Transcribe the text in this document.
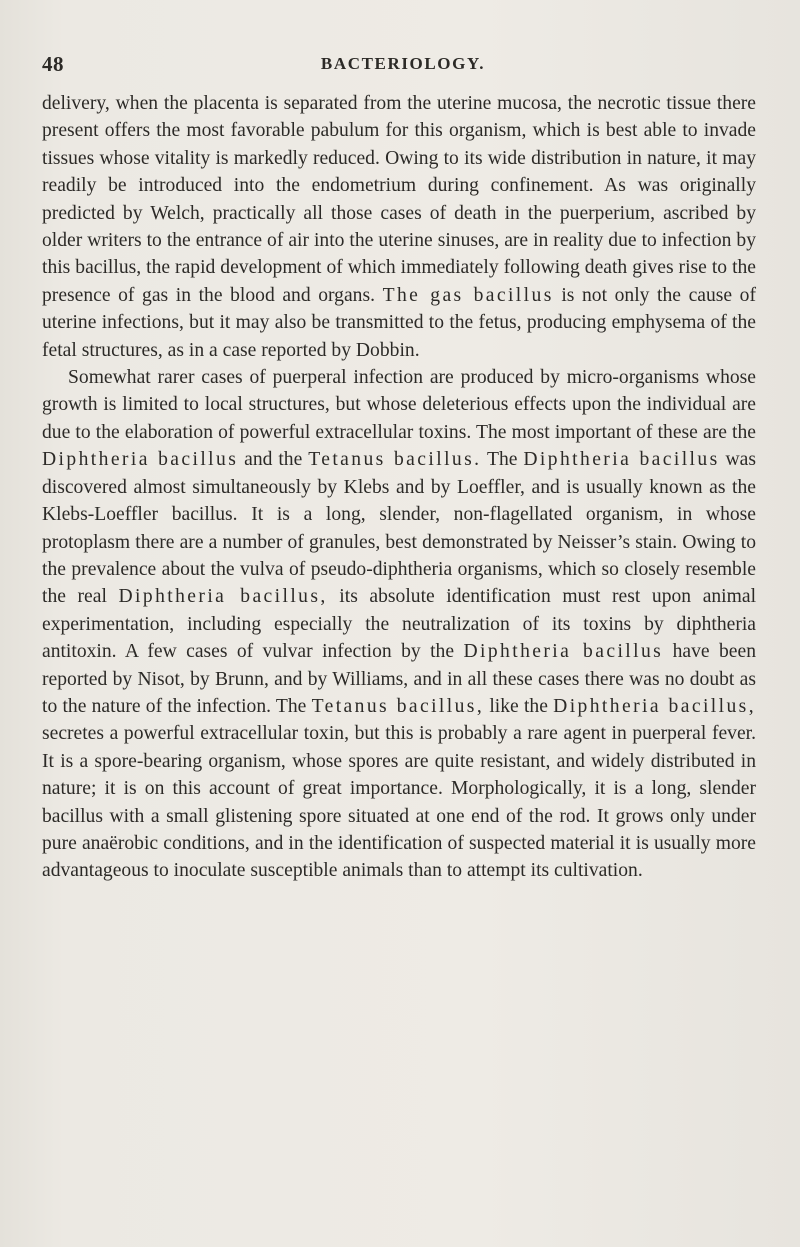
48	BACTERIOLOGY.

delivery, when the placenta is separated from the uterine mucosa, the necrotic tissue there present offers the most favorable pabulum for this organism, which is best able to invade tissues whose vitality is markedly reduced. Owing to its wide distribution in nature, it may readily be introduced into the endometrium during confinement. As was originally predicted by Welch, practically all those cases of death in the puerperium, ascribed by older writers to the entrance of air into the uterine sinuses, are in reality due to infection by this bacillus, the rapid development of which immediately following death gives rise to the presence of gas in the blood and organs. The gas bacillus is not only the cause of uterine infections, but it may also be transmitted to the fetus, producing emphysema of the fetal structures, as in a case reported by Dobbin.

Somewhat rarer cases of puerperal infection are produced by micro-organisms whose growth is limited to local structures, but whose deleterious effects upon the individual are due to the elaboration of powerful extracellular toxins. The most important of these are the Diphtheria bacillus and the Tetanus bacillus. The Diphtheria bacillus was discovered almost simultaneously by Klebs and by Loeffler, and is usually known as the Klebs-Loeffler bacillus. It is a long, slender, non-flagellated organism, in whose protoplasm there are a number of granules, best demonstrated by Neisser’s stain. Owing to the prevalence about the vulva of pseudo-diphtheria organisms, which so closely resemble the real Diphtheria bacillus, its absolute identification must rest upon animal experimentation, including especially the neutralization of its toxins by diphtheria antitoxin. A few cases of vulvar infection by the Diphtheria bacillus have been reported by Nisot, by Brunn, and by Williams, and in all these cases there was no doubt as to the nature of the infection. The Tetanus bacillus, like the Diphtheria bacillus, secretes a powerful extracellular toxin, but this is probably a rare agent in puerperal fever. It is a spore-bearing organism, whose spores are quite resistant, and widely distributed in nature; it is on this account of great importance. Morphologically, it is a long, slender bacillus with a small glistening spore situated at one end of the rod. It grows only under pure anaërobic conditions, and in the identification of suspected material it is usually more advantageous to inoculate susceptible animals than to attempt its cultivation.
